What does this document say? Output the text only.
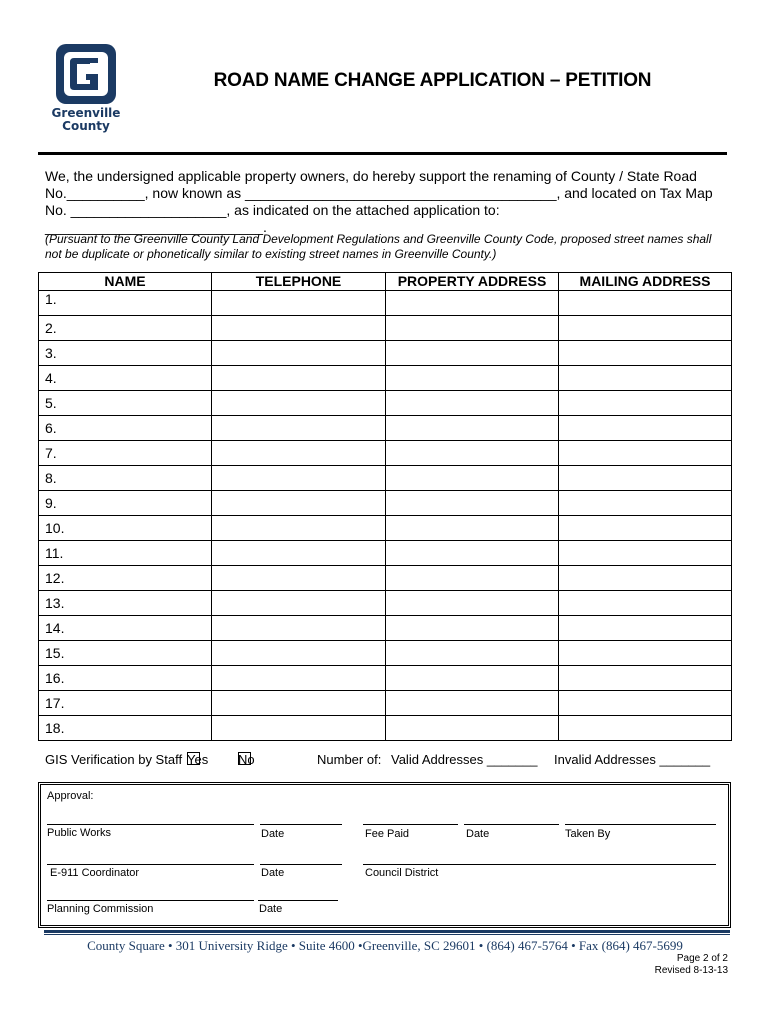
Greenville
County
ROAD NAME CHANGE APPLICATION – PETITION
We, the undersigned applicable property owners, do hereby support the renaming of County / State Road
No.__________, now known as ________________________________________, and located on Tax Map
No. ____________________, as indicated on the attached application to: ____________________________.
(Pursuant to the Greenville County Land Development Regulations and Greenville County Code, proposed street names shall not be duplicate or phonetically similar to existing street names in Greenville County.)
NAME	TELEPHONE	PROPERTY ADDRESS	MAILING ADDRESS
1.			
2.			
3.			
4.			
5.			
6.			
7.			
8.			
9.			
10.			
11.			
12.			
13.			
14.			
15.			
16.			
17.			
18.			
GIS Verification by Staff Yes No	Number of: Valid Addresses _______ Invalid Addresses _______
Approval:
Public Works	Date	Fee Paid	Date	Taken By
E-911 Coordinator	Date	Council District
Planning Commission	Date
County Square • 301 University Ridge • Suite 4600 •Greenville, SC 29601 • (864) 467-5764 • Fax (864) 467-5699
Page 2 of 2
Revised 8-13-13
